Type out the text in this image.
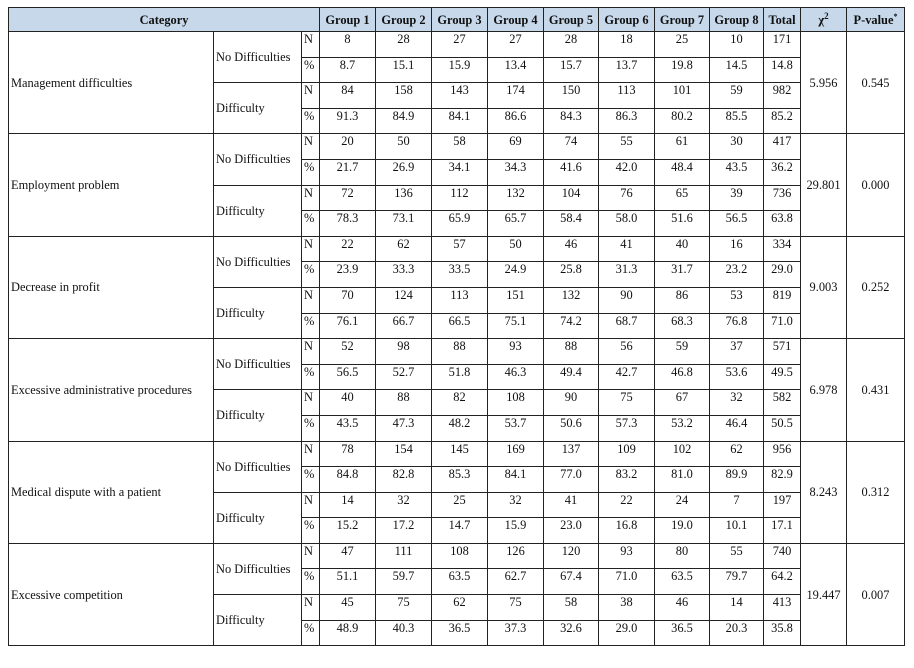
Category			Group 1	Group 2	Group 3	Group 4	Group 5	Group 6	Group 7	Group 8	Total	$\chi^2$	P-value*
Management difficulties	No Difficulties	N	8	28	27	27	28	18	25	10	171	5.956	0.545
		%	8.7	15.1	15.9	13.4	15.7	13.7	19.8	14.5	14.8		
	Difficulty	N	84	158	143	174	150	113	101	59	982		
		%	91.3	84.9	84.1	86.6	84.3	86.3	80.2	85.5	85.2		
Employment problem	No Difficulties	N	20	50	58	69	74	55	61	30	417	29.801	0.000
		%	21.7	26.9	34.1	34.3	41.6	42.0	48.4	43.5	36.2		
	Difficulty	N	72	136	112	132	104	76	65	39	736		
		%	78.3	73.1	65.9	65.7	58.4	58.0	51.6	56.5	63.8		
Decrease in profit	No Difficulties	N	22	62	57	50	46	41	40	16	334	9.003	0.252
		%	23.9	33.3	33.5	24.9	25.8	31.3	31.7	23.2	29.0		
	Difficulty	N	70	124	113	151	132	90	86	53	819		
		%	76.1	66.7	66.5	75.1	74.2	68.7	68.3	76.8	71.0		
Excessive administrative procedures	No Difficulties	N	52	98	88	93	88	56	59	37	571	6.978	0.431
		%	56.5	52.7	51.8	46.3	49.4	42.7	46.8	53.6	49.5		
	Difficulty	N	40	88	82	108	90	75	67	32	582		
		%	43.5	47.3	48.2	53.7	50.6	57.3	53.2	46.4	50.5		
Medical dispute with a patient	No Difficulties	N	78	154	145	169	137	109	102	62	956	8.243	0.312
		%	84.8	82.8	85.3	84.1	77.0	83.2	81.0	89.9	82.9		
	Difficulty	N	14	32	25	32	41	22	24	7	197		
		%	15.2	17.2	14.7	15.9	23.0	16.8	19.0	10.1	17.1		
Excessive competition	No Difficulties	N	47	111	108	126	120	93	80	55	740	19.447	0.007
		%	51.1	59.7	63.5	62.7	67.4	71.0	63.5	79.7	64.2		
	Difficulty	N	45	75	62	75	58	38	46	14	413		
		%	48.9	40.3	36.5	37.3	32.6	29.0	36.5	20.3	35.8		
